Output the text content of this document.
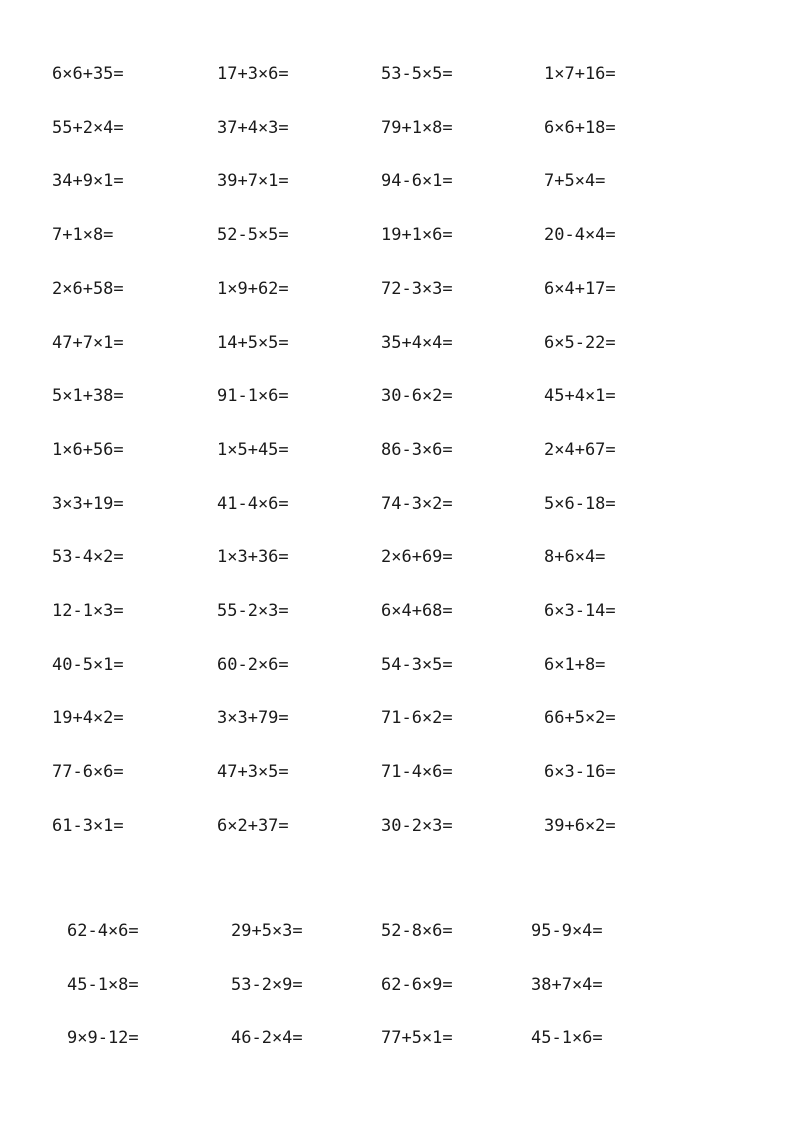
6×6+35=	17+3×6=	53-5×5=	1×7+16=
55+2×4=	37+4×3=	79+1×8=	6×6+18=
34+9×1=	39+7×1=	94-6×1=	7+5×4=
7+1×8=	52-5×5=	19+1×6=	20-4×4=
2×6+58=	1×9+62=	72-3×3=	6×4+17=
47+7×1=	14+5×5=	35+4×4=	6×5-22=
5×1+38=	91-1×6=	30-6×2=	45+4×1=
1×6+56=	1×5+45=	86-3×6=	2×4+67=
3×3+19=	41-4×6=	74-3×2=	5×6-18=
53-4×2=	1×3+36=	2×6+69=	8+6×4=
12-1×3=	55-2×3=	6×4+68=	6×3-14=
40-5×1=	60-2×6=	54-3×5=	6×1+8=
19+4×2=	3×3+79=	71-6×2=	66+5×2=
77-6×6=	47+3×5=	71-4×6=	6×3-16=
61-3×1=	6×2+37=	30-2×3=	39+6×2=
62-4×6=	29+5×3=	52-8×6=	95-9×4=
45-1×8=	53-2×9=	62-6×9=	38+7×4=
9×9-12=	46-2×4=	77+5×1=	45-1×6=
